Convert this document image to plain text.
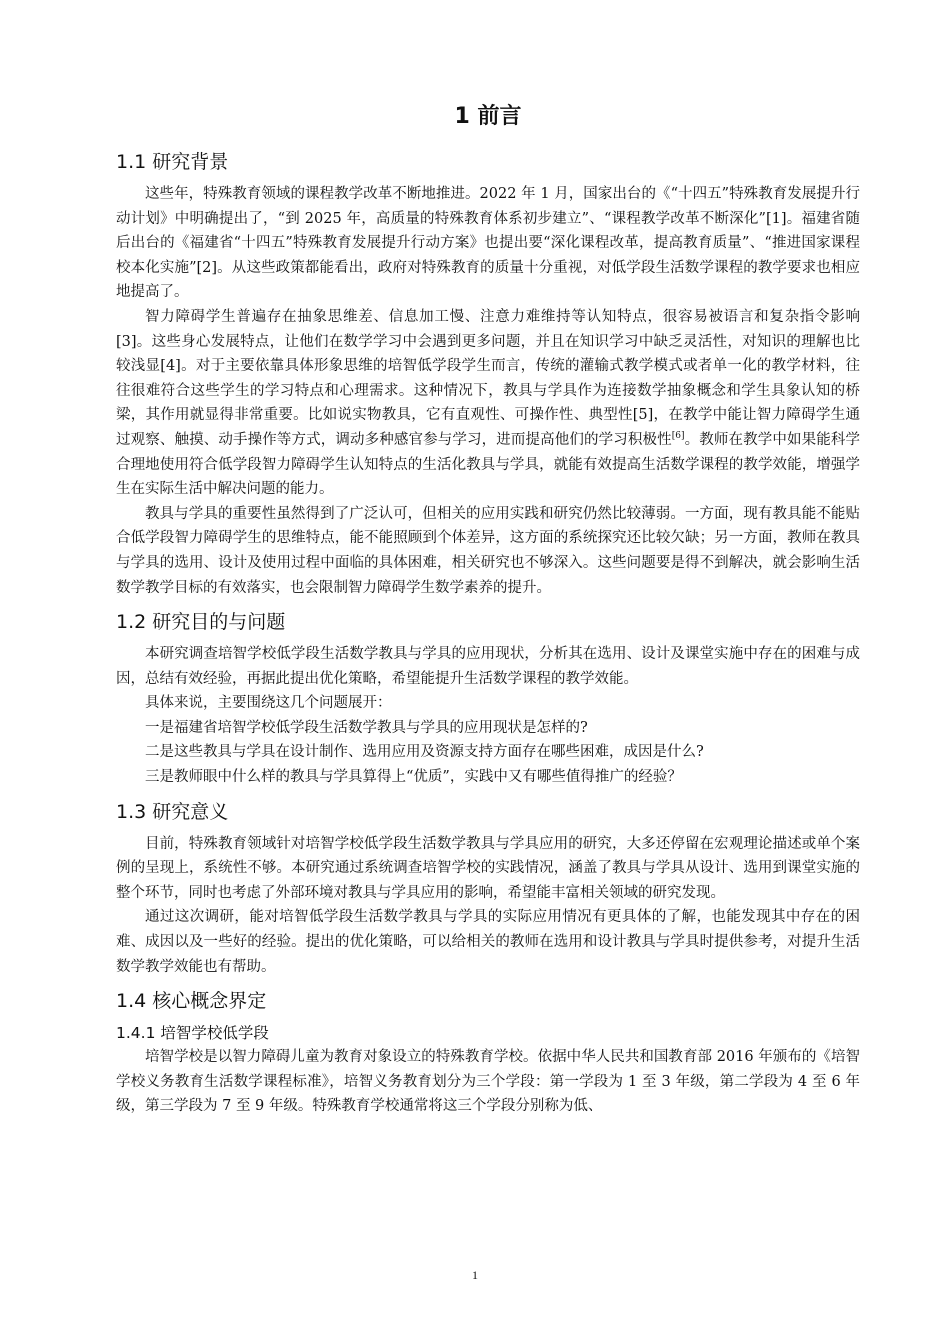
1 前言
1.1 研究背景

这些年，特殊教育领域的课程教学改革不断地推进。2022 年 1 月，国家出台的《“十四五”特殊教育发展提升行动计划》中明确提出了，“到 2025 年，高质量的特殊教育体系初步建立”、“课程教学改革不断深化”[1]。福建省随后出台的《福建省“十四五”特殊教育发展提升行动方案》也提出要“深化课程改革，提高教育质量”、“推进国家课程校本化实施”[2]。从这些政策都能看出，政府对特殊教育的质量十分重视，对低学段生活数学课程的教学要求也相应地提高了。

智力障碍学生普遍存在抽象思维差、信息加工慢、注意力难维持等认知特点，很容易被语言和复杂指令影响[3]。这些身心发展特点，让他们在数学学习中会遇到更多问题，并且在知识学习中缺乏灵活性，对知识的理解也比较浅显[4]。对于主要依靠具体形象思维的培智低学段学生而言，传统的灌输式教学模式或者单一化的教学材料，往往很难符合这些学生的学习特点和心理需求。这种情况下，教具与学具作为连接数学抽象概念和学生具象认知的桥梁，其作用就显得非常重要。比如说实物教具，它有直观性、可操作性、典型性[5]，在教学中能让智力障碍学生通过观察、触摸、动手操作等方式，调动多种感官参与学习，进而提高他们的学习积极性[6]。教师在教学中如果能科学合理地使用符合低学段智力障碍学生认知特点的生活化教具与学具，就能有效提高生活数学课程的教学效能，增强学生在实际生活中解决问题的能力。

教具与学具的重要性虽然得到了广泛认可，但相关的应用实践和研究仍然比较薄弱。一方面，现有教具能不能贴合低学段智力障碍学生的思维特点，能不能照顾到个体差异，这方面的系统探究还比较欠缺；另一方面，教师在教具与学具的选用、设计及使用过程中面临的具体困难，相关研究也不够深入。这些问题要是得不到解决，就会影响生活数学教学目标的有效落实，也会限制智力障碍学生数学素养的提升。

1.2 研究目的与问题

本研究调查培智学校低学段生活数学教具与学具的应用现状，分析其在选用、设计及课堂实施中存在的困难与成因，总结有效经验，再据此提出优化策略，希望能提升生活数学课程的教学效能。

具体来说，主要围绕这几个问题展开：

一是福建省培智学校低学段生活数学教具与学具的应用现状是怎样的?

二是这些教具与学具在设计制作、选用应用及资源支持方面存在哪些困难，成因是什么?

三是教师眼中什么样的教具与学具算得上“优质”，实践中又有哪些值得推广的经验？

1.3 研究意义

目前，特殊教育领域针对培智学校低学段生活数学教具与学具应用的研究，大多还停留在宏观理论描述或单个案例的呈现上，系统性不够。本研究通过系统调查培智学校的实践情况，涵盖了教具与学具从设计、选用到课堂实施的整个环节，同时也考虑了外部环境对教具与学具应用的影响，希望能丰富相关领域的研究发现。

通过这次调研，能对培智低学段生活数学教具与学具的实际应用情况有更具体的了解，也能发现其中存在的困难、成因以及一些好的经验。提出的优化策略，可以给相关的教师在选用和设计教具与学具时提供参考，对提升生活数学教学效能也有帮助。

1.4 核心概念界定
1.4.1 培智学校低学段

培智学校是以智力障碍儿童为教育对象设立的特殊教育学校。依据中华人民共和国教育部 2016 年颁布的《培智学校义务教育生活数学课程标准》，培智义务教育划分为三个学段：第一学段为 1 至 3 年级，第二学段为 4 至 6 年级，第三学段为 7 至 9 年级。特殊教育学校通常将这三个学段分别称为低、

1
